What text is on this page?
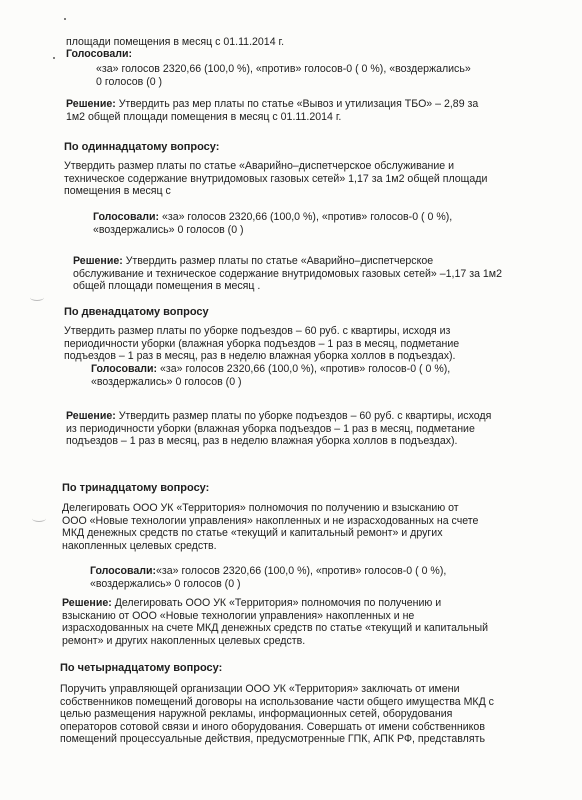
площади помещения в месяц с 01.11.2014 г.
Голосовали:
«за» голосов 2320,66 (100,0 %), «против» голосов-0 ( 0 %), «воздержались»
0 голосов (0 )
Решение: Утвердить раз мер платы по статье «Вывоз и утилизация ТБО» – 2,89 за
1м2 общей площади помещения в месяц с 01.11.2014 г.
По одиннадцатому вопросу:
Утвердить размер платы по статье «Аварийно–диспетчерское обслуживание и
техническое содержание внутридомовых газовых сетей» 1,17 за 1м2 общей площади
помещения в месяц с
Голосовали: «за» голосов 2320,66 (100,0 %), «против» голосов-0 ( 0 %),
«воздержались» 0 голосов (0 )
Решение: Утвердить размер платы по статье «Аварийно–диспетчерское
обслуживание и техническое содержание внутридомовых газовых сетей» –1,17 за 1м2
общей площади помещения в месяц .
По двенадцатому вопросу
Утвердить размер платы по уборке подъездов – 60 руб. с квартиры, исходя из
периодичности уборки (влажная уборка подъездов – 1 раз в месяц, подметание
подъездов – 1 раз в месяц, раз в неделю влажная уборка холлов в подъездах).
Голосовали: «за» голосов 2320,66 (100,0 %), «против» голосов-0 ( 0 %),
«воздержались» 0 голосов (0 )
Решение: Утвердить размер платы по уборке подъездов – 60 руб. с квартиры, исходя
из периодичности уборки (влажная уборка подъездов – 1 раз в месяц, подметание
подъездов – 1 раз в месяц, раз в неделю влажная уборка холлов в подъездах).
По тринадцатому вопросу:
Делегировать ООО УК «Территория» полномочия по получению и взысканию от
ООО «Новые технологии управления» накопленных и не израсходованных на счете
МКД денежных средств по статье «текущий и капитальный ремонт» и других
накопленных целевых средств.
Голосовали:«за» голосов 2320,66 (100,0 %), «против» голосов-0 ( 0 %),
«воздержались» 0 голосов (0 )
Решение: Делегировать ООО УК «Территория» полномочия по получению и
взысканию от ООО «Новые технологии управления» накопленных и не
израсходованных на счете МКД денежных средств по статье «текущий и капитальный
ремонт» и других накопленных целевых средств.
По четырнадцатому вопросу:
Поручить управляющей организации ООО УК «Территория» заключать от имени
собственников помещений договоры на использование части общего имущества МКД с
целью размещения наружной рекламы, информационных сетей, оборудования
операторов сотовой связи и иного оборудования. Совершать от имени собственников
помещений процессуальные действия, предусмотренные ГПК, АПК РФ, представлять
